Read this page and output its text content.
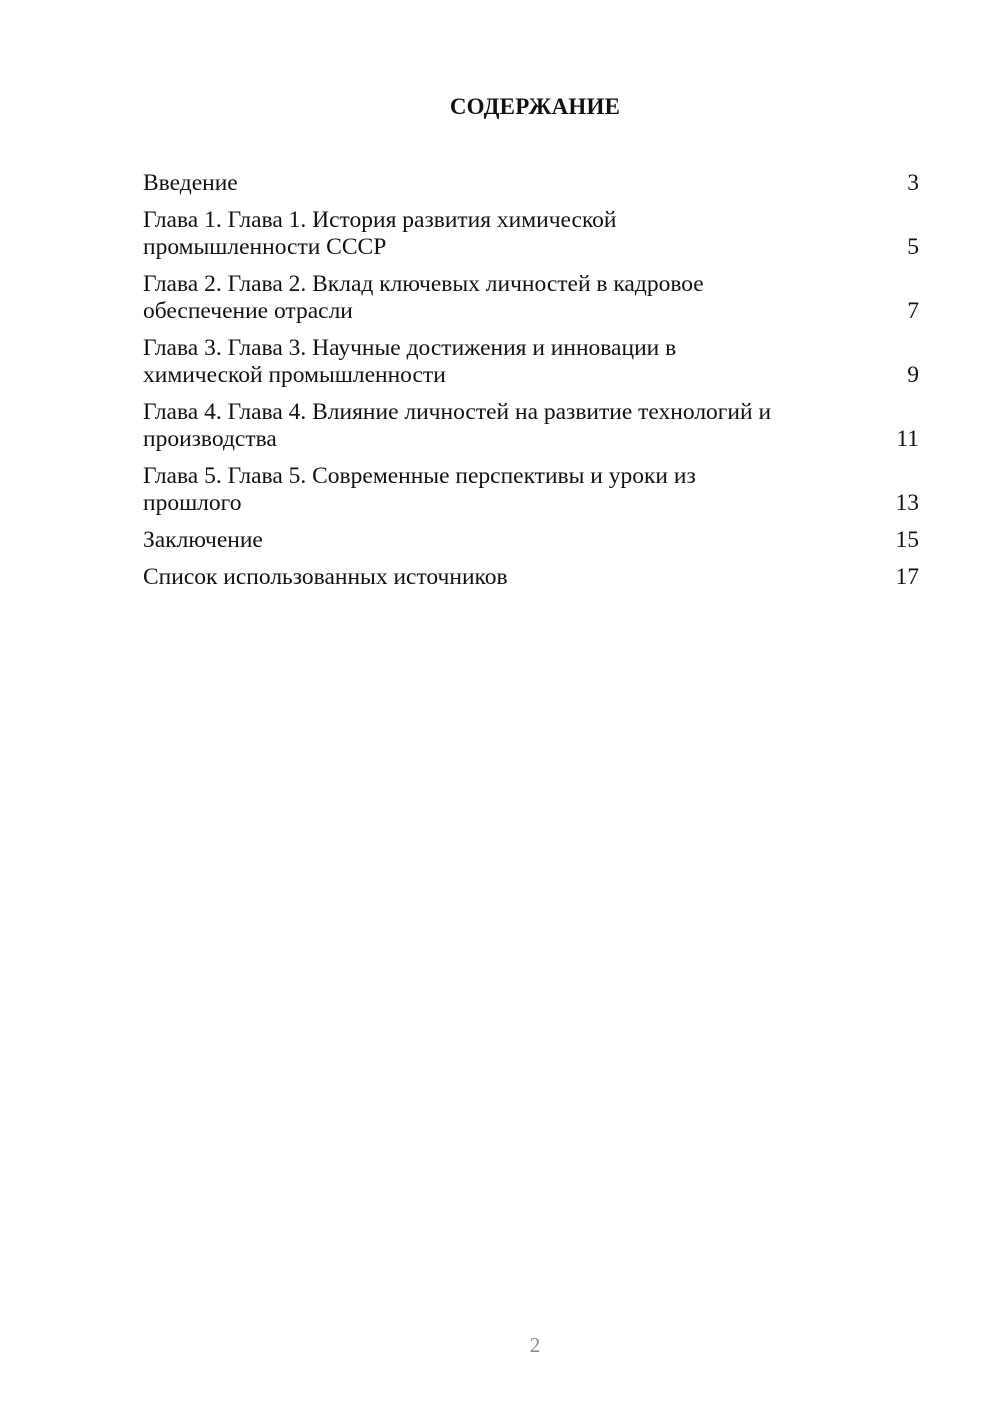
СОДЕРЖАНИЕ
Введение	3
Глава 1. Глава 1. История развития химической
промышленности СССР	5
Глава 2. Глава 2. Вклад ключевых личностей в кадровое
обеспечение отрасли	7
Глава 3. Глава 3. Научные достижения и инновации в
химической промышленности	9
Глава 4. Глава 4. Влияние личностей на развитие технологий и
производства	11
Глава 5. Глава 5. Современные перспективы и уроки из
прошлого	13
Заключение	15
Список использованных источников	17
2
